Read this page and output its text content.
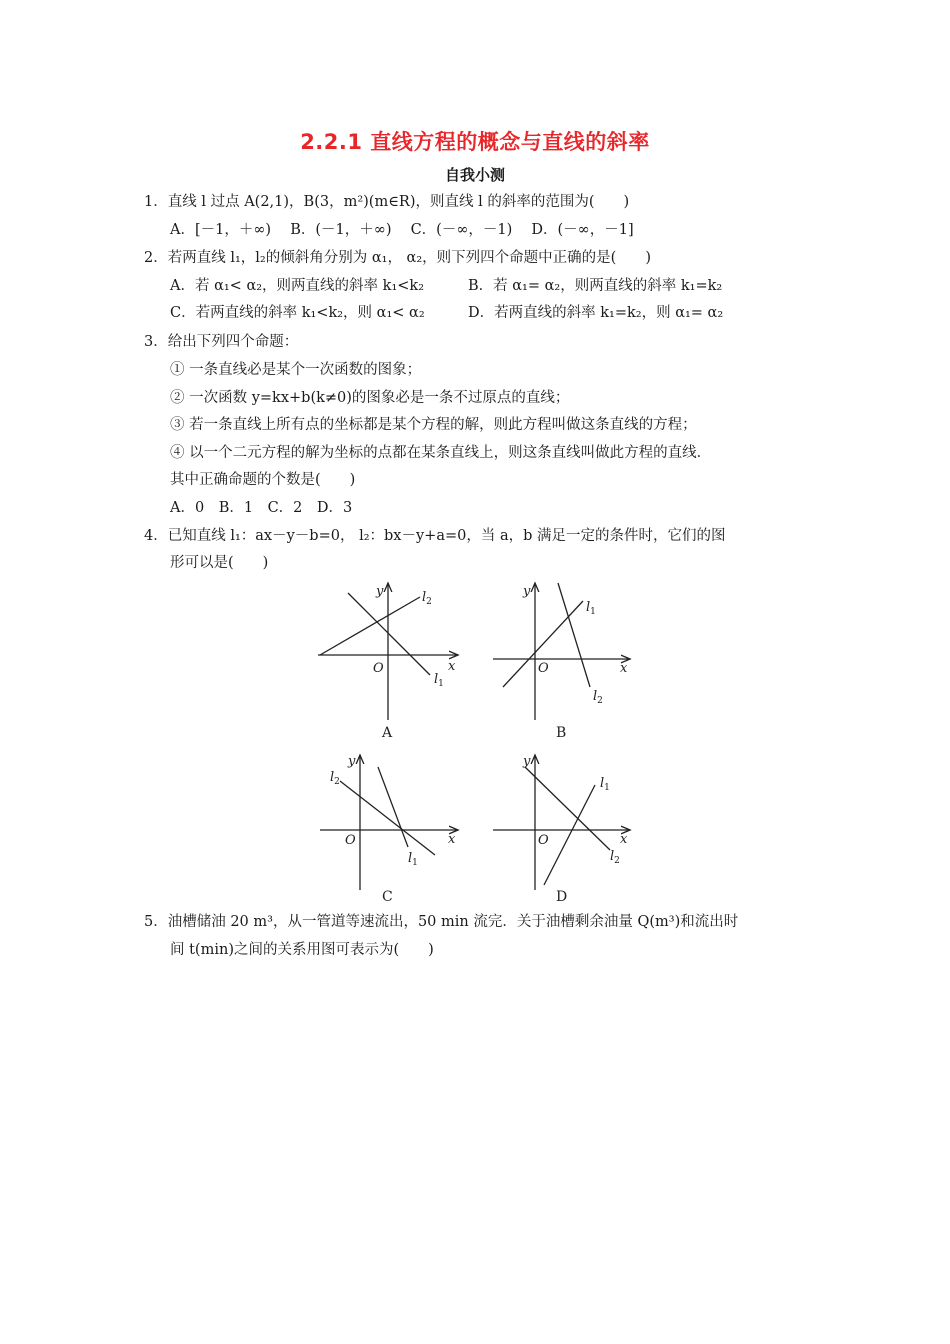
2.2.1 直线方程的概念与直线的斜率
自我小测
1．直线 l 过点 A(2,1)，B(3，m²)(m∈R)，则直线 l 的斜率的范围为(　　)
A．[－1，＋∞)　 B．(－1，＋∞)　 C．(－∞，－1)　 D．(－∞，－1]
2．若两直线 l₁，l₂的倾斜角分别为 α₁， α₂，则下列四个命题中正确的是(　　)
A．若 α₁< α₂，则两直线的斜率 k₁<k₂	B．若 α₁= α₂，则两直线的斜率 k₁=k₂
C．若两直线的斜率 k₁<k₂，则 α₁< α₂	D．若两直线的斜率 k₁=k₂，则 α₁= α₂
3．给出下列四个命题：
① 一条直线必是某个一次函数的图象；
② 一次函数 y=kx+b(k≠0)的图象必是一条不过原点的直线；
③ 若一条直线上所有点的坐标都是某个方程的解，则此方程叫做这条直线的方程；
④ 以一个二元方程的解为坐标的点都在某条直线上，则这条直线叫做此方程的直线．
其中正确命题的个数是(　　)
A．0　B．1　C．2　D．3
4．已知直线 l₁：ax－y－b=0， l₂：bx－y+a=0，当 a，b 满足一定的条件时，它们的图
形可以是(　　)
y
x
O
$l_2$
$l_1$
y
x
O
$l_1$
$l_2$
y
x
O
$l_2$
$l_1$
y
x
O
$l_1$
$l_2$
A	B
C	D
5．油槽储油 20 m³，从一管道等速流出，50 min 流完．关于油槽剩余油量 Q(m³)和流出时
间 t(min)之间的关系用图可表示为(　　)
